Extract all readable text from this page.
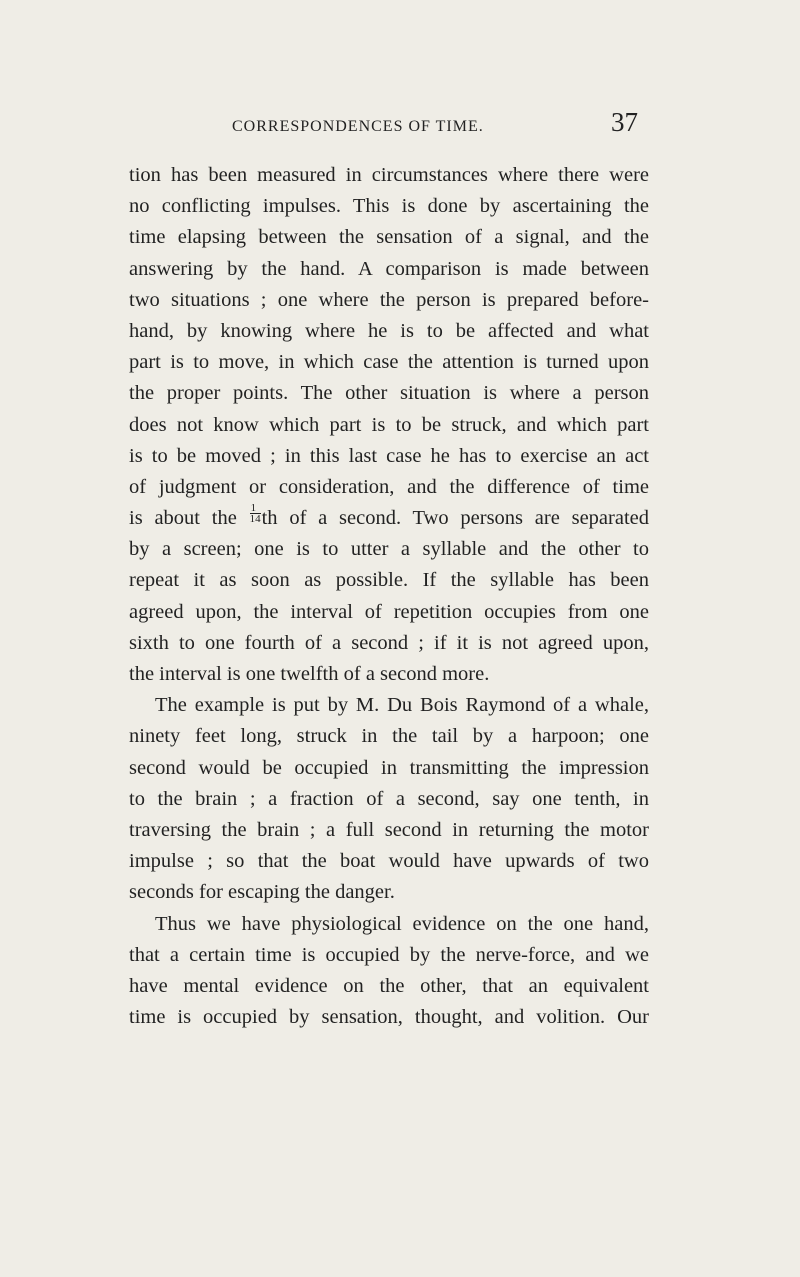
CORRESPONDENCES OF TIME.	37
tion has been measured in circumstances where there were
no conflicting impulses. This is done by ascertaining the
time elapsing between the sensation of a signal, and the
answering by the hand. A comparison is made between
two situations ; one where the person is prepared before-
hand, by knowing where he is to be affected and what
part is to move, in which case the attention is turned upon
the proper points. The other situation is where a person
does not know which part is to be struck, and which part
is to be moved ; in this last case he has to exercise an act
of judgment or consideration, and the difference of time
is about the $\frac{1}{14}$ th of a second. Two persons are separated
by a screen; one is to utter a syllable and the other to
repeat it as soon as possible. If the syllable has been
agreed upon, the interval of repetition occupies from one
sixth to one fourth of a second ; if it is not agreed upon,
the interval is one twelfth of a second more.
The example is put by M. Du Bois Raymond of a whale,
ninety feet long, struck in the tail by a harpoon; one
second would be occupied in transmitting the impression
to the brain ; a fraction of a second, say one tenth, in
traversing the brain ; a full second in returning the motor
impulse ; so that the boat would have upwards of two
seconds for escaping the danger.
Thus we have physiological evidence on the one hand,
that a certain time is occupied by the nerve-force, and we
have mental evidence on the other, that an equivalent
time is occupied by sensation, thought, and volition. Our
